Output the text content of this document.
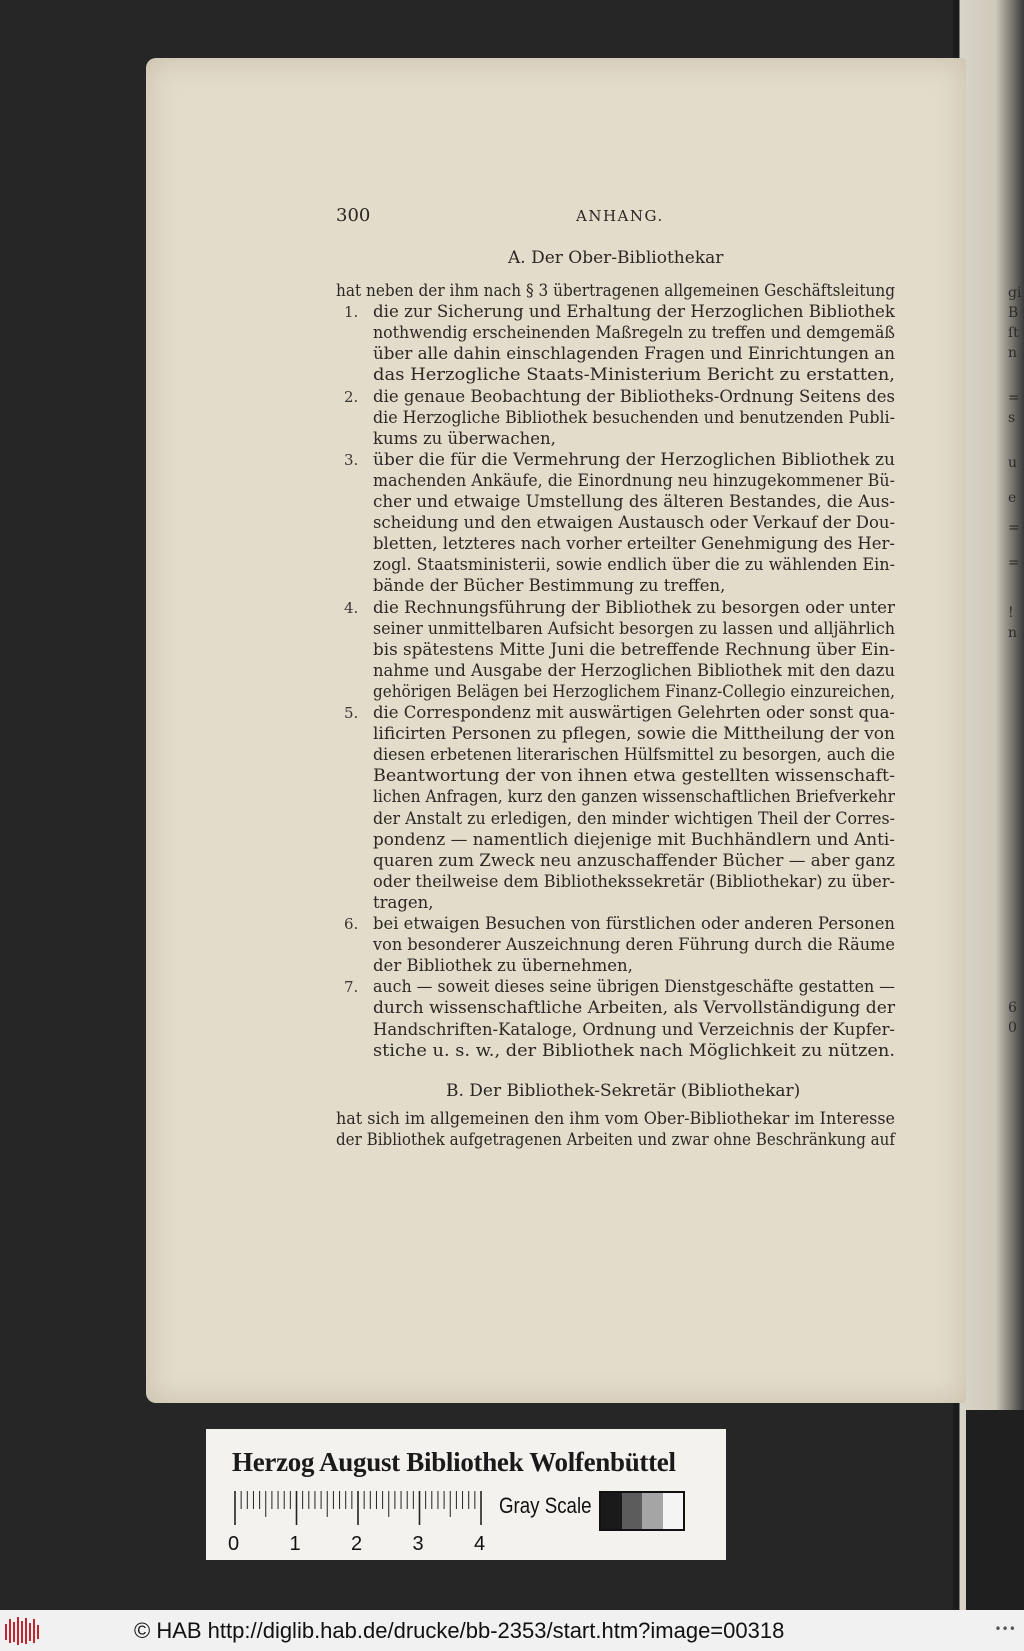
gi
B
ſt
n
=
s
u
e
=
=
!
n
6
0
300	ANHANG.
A. Der Ober-Bibliothekar
1.
2.
3.
4.
5.
6.
7.
B. Der Bibliothek-Sekretär (Bibliothekar)
Herzog August Bibliothek Wolfenbüttel
0	1	2	3	4
Gray Scale
© HAB http://diglib.hab.de/drucke/bb-2353/start.htm?image=00318	•••
hat neben der ihm nach § 3 übertragenen allgemeinen Geschäftsleitung
die zur Sicherung und Erhaltung der Herzoglichen Bibliothek
nothwendig erscheinenden Maßregeln zu treffen und demgemäß
über alle dahin einschlagenden Fragen und Einrichtungen an
das Herzogliche Staats-Ministerium Bericht zu erstatten,
die genaue Beobachtung der Bibliotheks-Ordnung Seitens des
die Herzogliche Bibliothek besuchenden und benutzenden Publi-
kums zu überwachen,
über die für die Vermehrung der Herzoglichen Bibliothek zu
machenden Ankäufe, die Einordnung neu hinzugekommener Bü-
cher und etwaige Umstellung des älteren Bestandes, die Aus-
scheidung und den etwaigen Austausch oder Verkauf der Dou-
bletten, letzteres nach vorher erteilter Genehmigung des Her-
zogl. Staatsministerii, sowie endlich über die zu wählenden Ein-
bände der Bücher Bestimmung zu treffen,
die Rechnungsführung der Bibliothek zu besorgen oder unter
seiner unmittelbaren Aufsicht besorgen zu lassen und alljährlich
bis spätestens Mitte Juni die betreffende Rechnung über Ein-
nahme und Ausgabe der Herzoglichen Bibliothek mit den dazu
gehörigen Belägen bei Herzoglichem Finanz-Collegio einzureichen,
die Correspondenz mit auswärtigen Gelehrten oder sonst qua-
lificirten Personen zu pflegen, sowie die Mittheilung der von
diesen erbetenen literarischen Hülfsmittel zu besorgen, auch die
Beantwortung der von ihnen etwa gestellten wissenschaft-
lichen Anfragen, kurz den ganzen wissenschaftlichen Briefverkehr
der Anstalt zu erledigen, den minder wichtigen Theil der Corres-
pondenz — namentlich diejenige mit Buchhändlern und Anti-
quaren zum Zweck neu anzuschaffender Bücher — aber ganz
oder theilweise dem Bibliothekssekretär (Bibliothekar) zu über-
tragen,
bei etwaigen Besuchen von fürstlichen oder anderen Personen
von besonderer Auszeichnung deren Führung durch die Räume
der Bibliothek zu übernehmen,
auch — soweit dieses seine übrigen Dienstgeschäfte gestatten —
durch wissenschaftliche Arbeiten, als Vervollständigung der
Handschriften-Kataloge, Ordnung und Verzeichnis der Kupfer-
stiche u. s. w., der Bibliothek nach Möglichkeit zu nützen.
hat sich im allgemeinen den ihm vom Ober-Bibliothekar im Interesse
der Bibliothek aufgetragenen Arbeiten und zwar ohne Beschränkung auf
